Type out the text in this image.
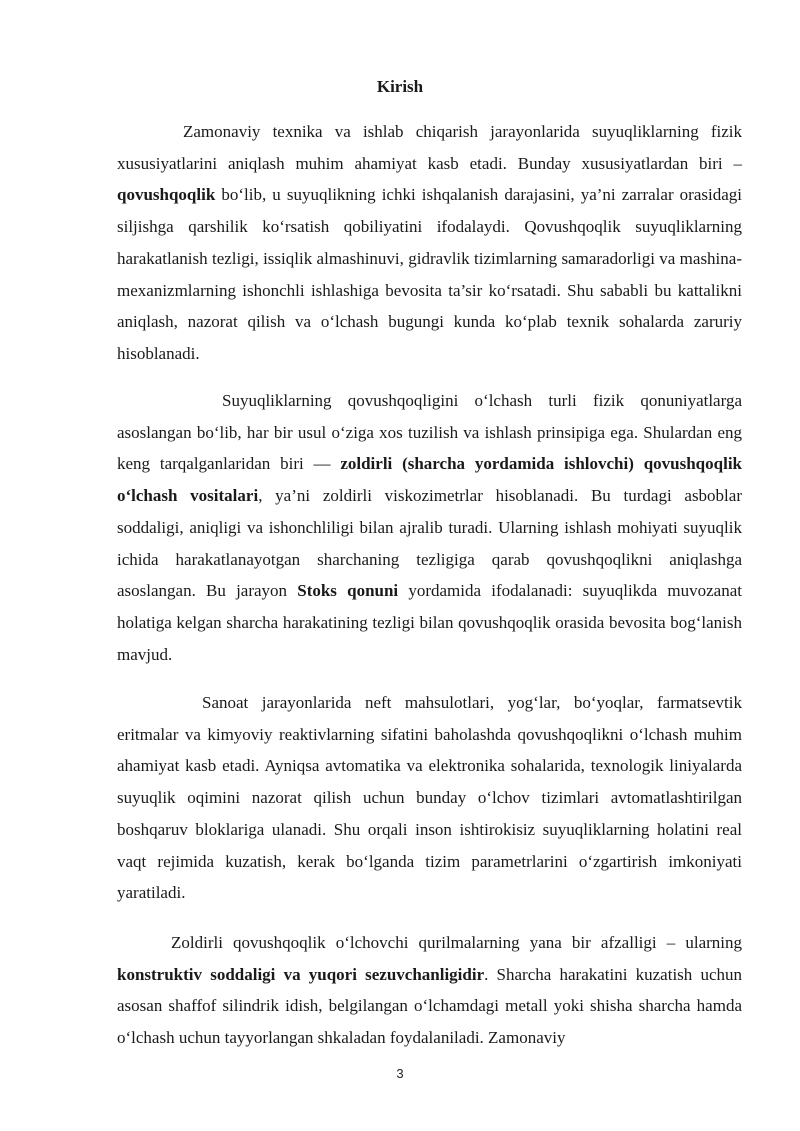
Kirish

Zamonaviy texnika va ishlab chiqarish jarayonlarida suyuqliklarning fizik xususiyatlarini aniqlash muhim ahamiyat kasb etadi. Bunday xususiyatlardan biri – qovushqoqlik bo‘lib, u suyuqlikning ichki ishqalanish darajasini, ya’ni zarralar orasidagi siljishga qarshilik ko‘rsatish qobiliyatini ifodalaydi. Qovushqoqlik suyuqliklarning harakatlanish tezligi, issiqlik almashinuvi, gidravlik tizimlarning samaradorligi va mashina-mexanizmlarning ishonchli ishlashiga bevosita ta’sir ko‘rsatadi. Shu sababli bu kattalikni aniqlash, nazorat qilish va o‘lchash bugungi kunda ko‘plab texnik sohalarda zaruriy hisoblanadi.

Suyuqliklarning qovushqoqligini o‘lchash turli fizik qonuniyatlarga asoslangan bo‘lib, har bir usul o‘ziga xos tuzilish va ishlash prinsipiga ega. Shulardan eng keng tarqalganlaridan biri — zoldirli (sharcha yordamida ishlovchi) qovushqoqlik o‘lchash vositalari, ya’ni zoldirli viskozimetrlar hisoblanadi. Bu turdagi asboblar soddaligi, aniqligi va ishonchliligi bilan ajralib turadi. Ularning ishlash mohiyati suyuqlik ichida harakatlanayotgan sharchaning tezligiga qarab qovushqoqlikni aniqlashga asoslangan. Bu jarayon Stoks qonuni yordamida ifodalanadi: suyuqlikda muvozanat holatiga kelgan sharcha harakatining tezligi bilan qovushqoqlik orasida bevosita bog‘lanish mavjud.

Sanoat jarayonlarida neft mahsulotlari, yog‘lar, bo‘yoqlar, farmatsevtik eritmalar va kimyoviy reaktivlarning sifatini baholashda qovushqoqlikni o‘lchash muhim ahamiyat kasb etadi. Ayniqsa avtomatika va elektronika sohalarida, texnologik liniyalarda suyuqlik oqimini nazorat qilish uchun bunday o‘lchov tizimlari avtomatlashtirilgan boshqaruv bloklariga ulanadi. Shu orqali inson ishtirokisiz suyuqliklarning holatini real vaqt rejimida kuzatish, kerak bo‘lganda tizim parametrlarini o‘zgartirish imkoniyati yaratiladi.

Zoldirli qovushqoqlik o‘lchovchi qurilmalarning yana bir afzalligi – ularning konstruktiv soddaligi va yuqori sezuvchanligidir. Sharcha harakatini kuzatish uchun asosan shaffof silindrik idish, belgilangan o‘lchamdagi metall yoki shisha sharcha hamda o‘lchash uchun tayyorlangan shkaladan foydalaniladi. Zamonaviy

3
